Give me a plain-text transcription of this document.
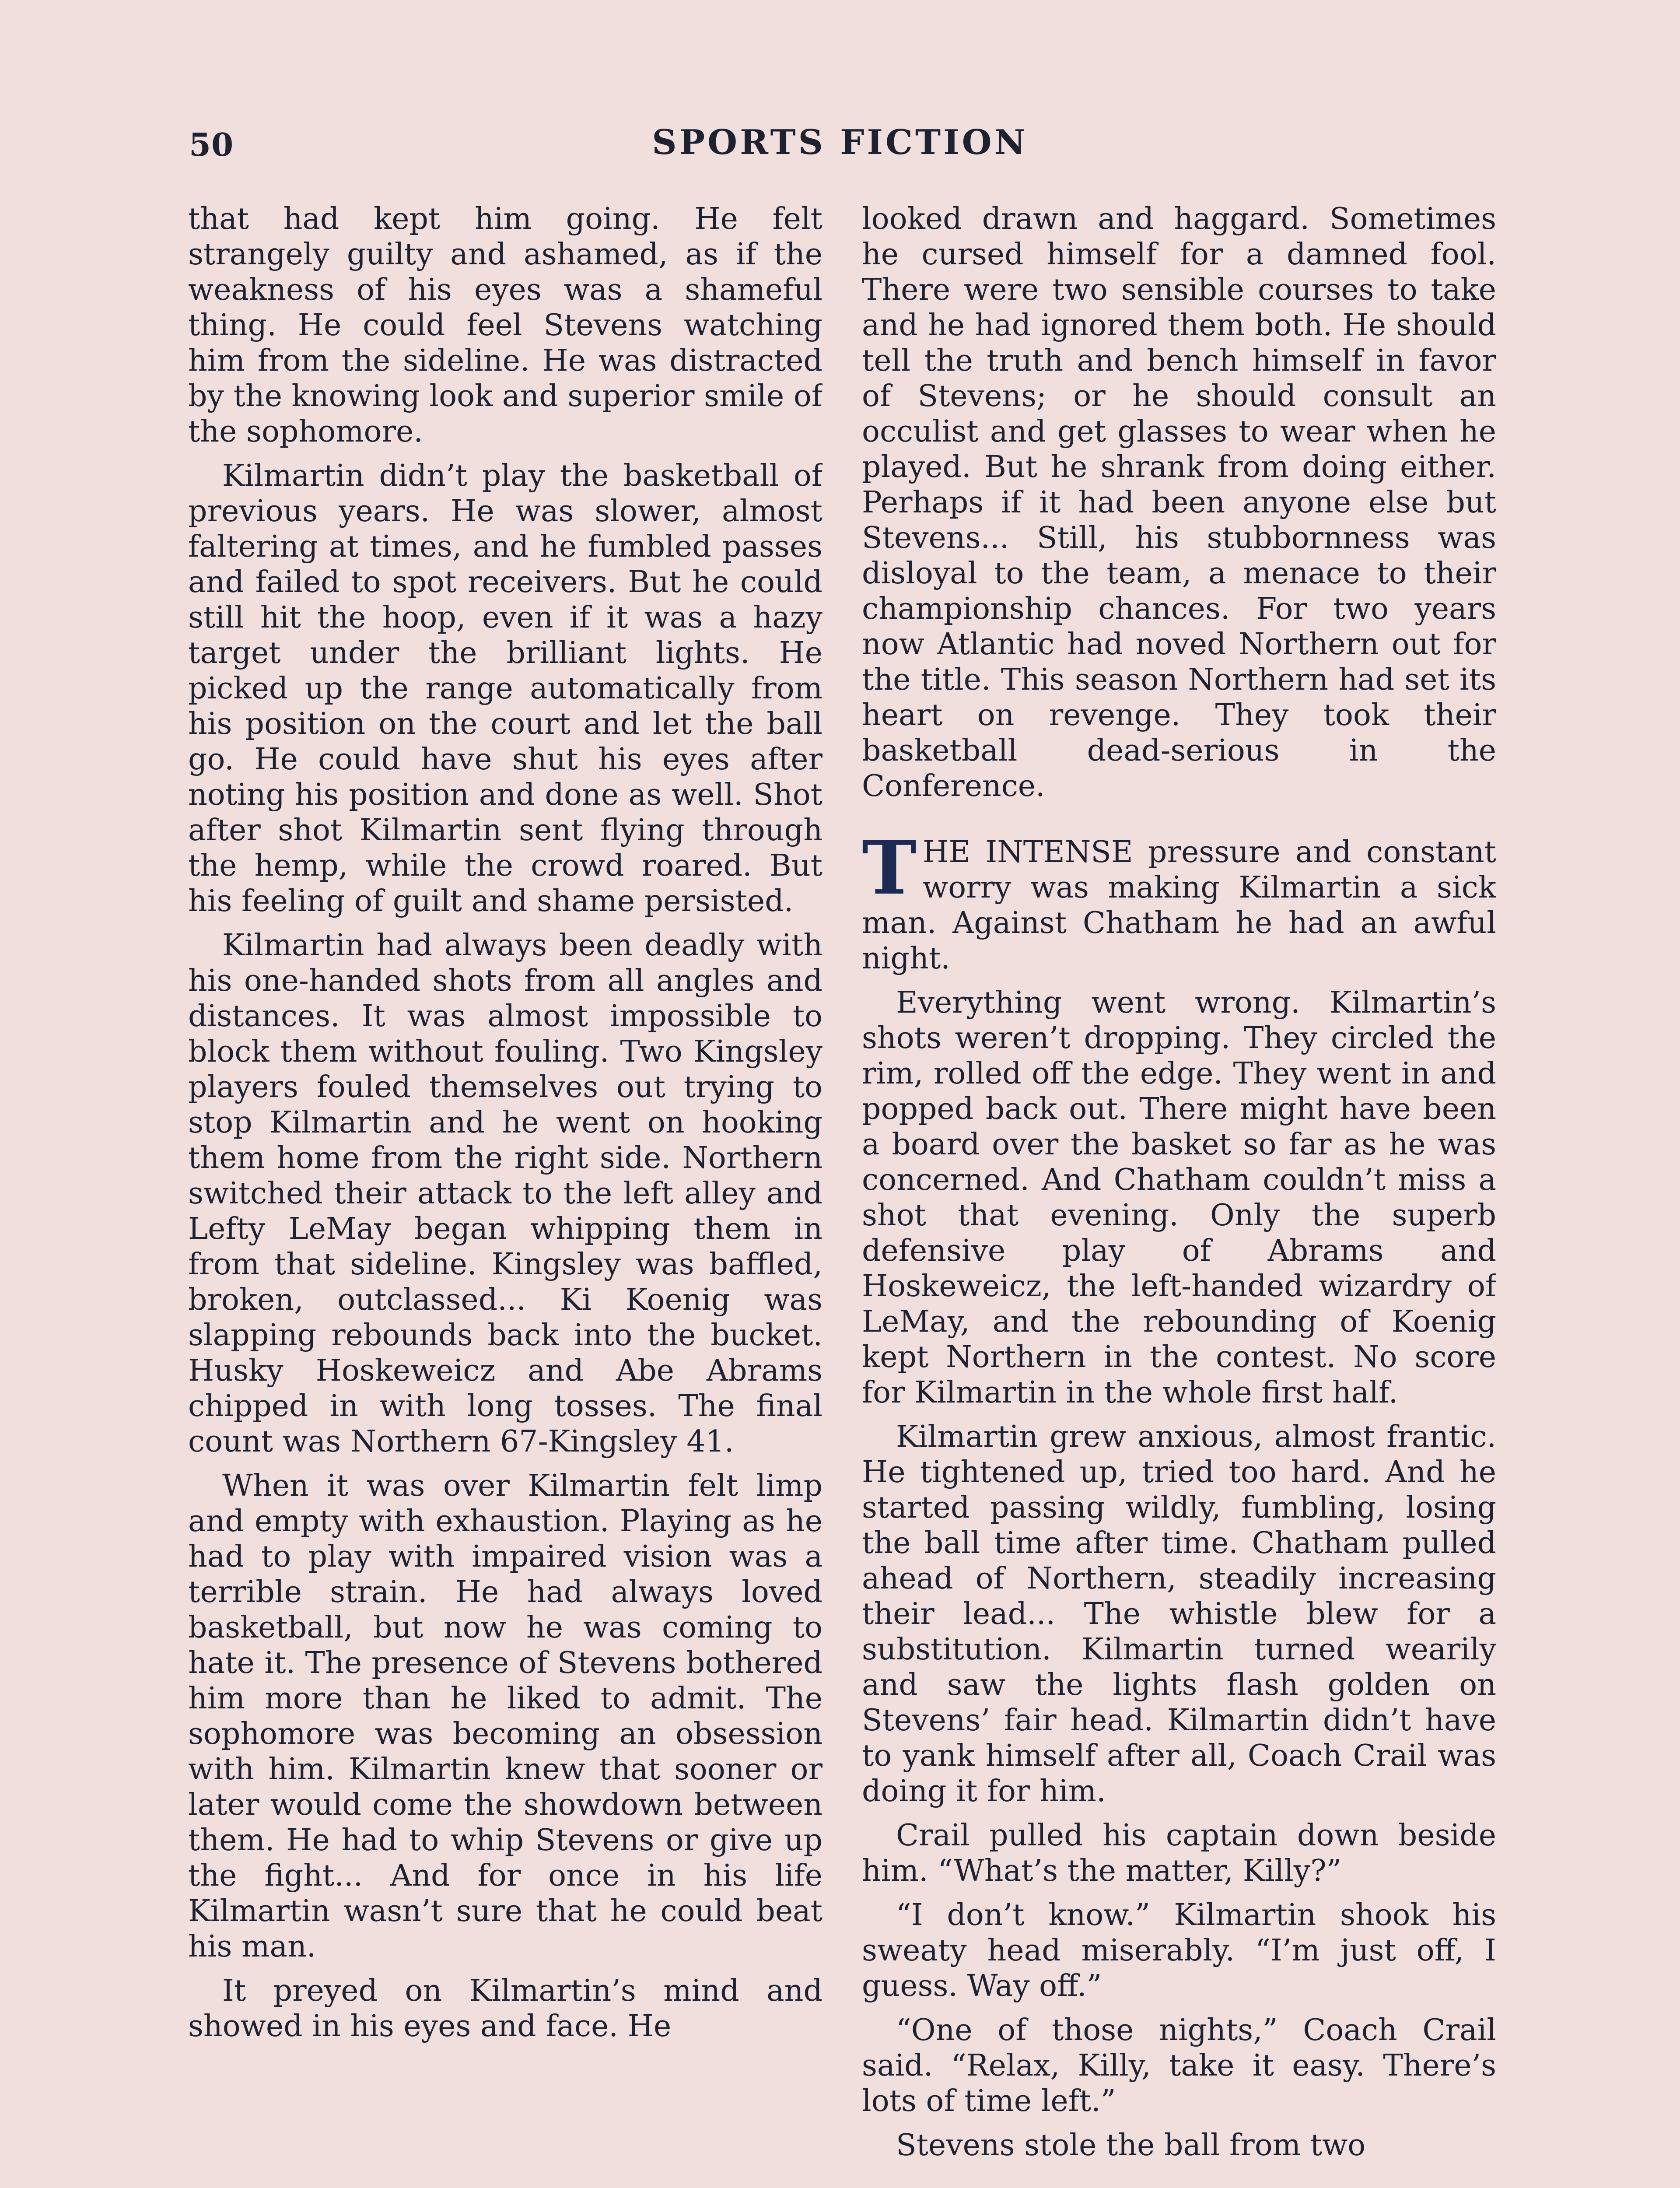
50	SPORTS FICTION

that had kept him going. He felt strangely guilty and ashamed, as if the weakness of his eyes was a shameful thing. He could feel Stevens watching him from the sideline. He was distracted by the knowing look and superior smile of the sophomore.

Kilmartin didn’t play the basketball of previous years. He was slower, almost faltering at times, and he fumbled passes and failed to spot receivers. But he could still hit the hoop, even if it was a hazy target under the brilliant lights. He picked up the range automatically from his position on the court and let the ball go. He could have shut his eyes after noting his position and done as well. Shot after shot Kilmartin sent flying through the hemp, while the crowd roared. But his feeling of guilt and shame persisted.

Kilmartin had always been deadly with his one-handed shots from all angles and distances. It was almost impossible to block them without fouling. Two Kingsley players fouled themselves out trying to stop Kilmartin and he went on hooking them home from the right side. Northern switched their attack to the left alley and Lefty LeMay began whipping them in from that sideline. Kingsley was baffled, broken, outclassed... Ki Koenig was slapping rebounds back into the bucket. Husky Hoskeweicz and Abe Abrams chipped in with long tosses. The final count was Northern 67-Kingsley 41.

When it was over Kilmartin felt limp and empty with exhaustion. Playing as he had to play with impaired vision was a terrible strain. He had always loved basketball, but now he was coming to hate it. The presence of Stevens bothered him more than he liked to admit. The sophomore was becoming an obsession with him. Kilmartin knew that sooner or later would come the showdown between them. He had to whip Stevens or give up the fight... And for once in his life Kilmartin wasn’t sure that he could beat his man.

It preyed on Kilmartin’s mind and showed in his eyes and face. He

looked drawn and haggard. Sometimes he cursed himself for a damned fool. There were two sensible courses to take and he had ignored them both. He should tell the truth and bench himself in favor of Stevens; or he should consult an occulist and get glasses to wear when he played. But he shrank from doing either. Perhaps if it had been anyone else but Stevens... Still, his stubbornness was disloyal to the team, a menace to their championship chances. For two years now Atlantic had noved Northern out for the title. This season Northern had set its heart on revenge. They took their basketball dead-serious in the Conference.

THE INTENSE pressure and constant worry was making Kilmartin a sick man. Against Chatham he had an awful night.

Everything went wrong. Kilmartin’s shots weren’t dropping. They circled the rim, rolled off the edge. They went in and popped back out. There might have been a board over the basket so far as he was concerned. And Chatham couldn’t miss a shot that evening. Only the superb defensive play of Abrams and Hoskeweicz, the left-handed wizardry of LeMay, and the rebounding of Koenig kept Northern in the contest. No score for Kilmartin in the whole first half.

Kilmartin grew anxious, almost frantic. He tightened up, tried too hard. And he started passing wildly, fumbling, losing the ball time after time. Chatham pulled ahead of Northern, steadily increasing their lead... The whistle blew for a substitution. Kilmartin turned wearily and saw the lights flash golden on Stevens’ fair head. Kilmartin didn’t have to yank himself after all, Coach Crail was doing it for him.

Crail pulled his captain down beside him. “What’s the matter, Killy?”

“I don’t know.” Kilmartin shook his sweaty head miserably. “I’m just off, I guess. Way off.”

“One of those nights,” Coach Crail said. “Relax, Killy, take it easy. There’s lots of time left.”

Stevens stole the ball from two
